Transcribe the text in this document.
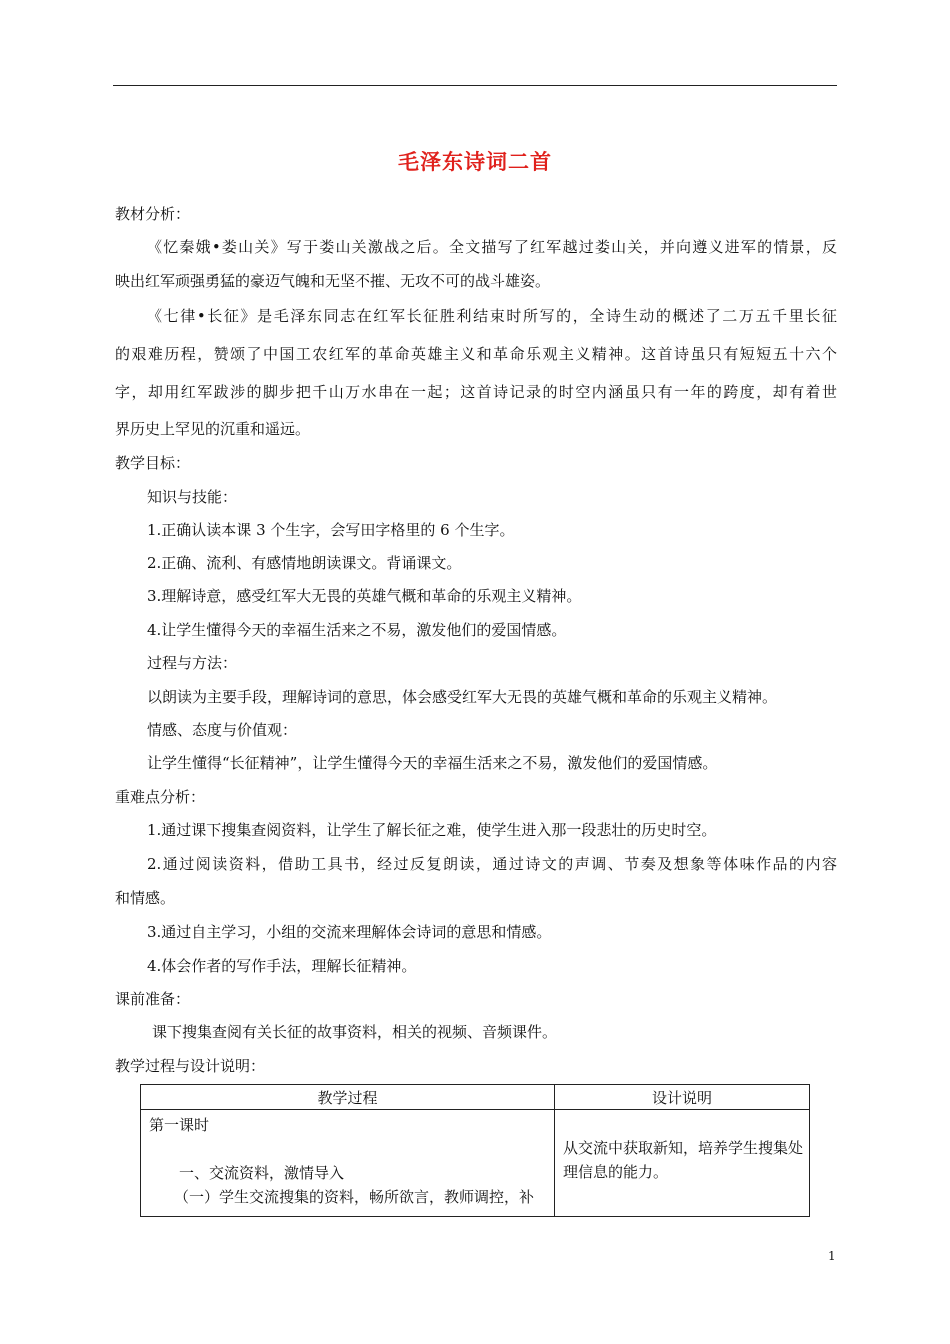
毛泽东诗词二首
教材分析：
《忆秦娥•娄山关》写于娄山关激战之后。全文描写了红军越过娄山关，并向遵义进军的情景，反
映出红军顽强勇猛的豪迈气魄和无坚不摧、无攻不可的战斗雄姿。
《七律•长征》是毛泽东同志在红军长征胜利结束时所写的，全诗生动的概述了二万五千里长征
的艰难历程，赞颂了中国工农红军的革命英雄主义和革命乐观主义精神。这首诗虽只有短短五十六个
字，却用红军跋涉的脚步把千山万水串在一起；这首诗记录的时空内涵虽只有一年的跨度，却有着世
界历史上罕见的沉重和遥远。
教学目标：
知识与技能：
1.正确认读本课 3 个生字，会写田字格里的 6 个生字。
2.正确、流利、有感情地朗读课文。背诵课文。
3.理解诗意，感受红军大无畏的英雄气概和革命的乐观主义精神。
4.让学生懂得今天的幸福生活来之不易，激发他们的爱国情感。
过程与方法：
以朗读为主要手段，理解诗词的意思，体会感受红军大无畏的英雄气概和革命的乐观主义精神。
情感、态度与价值观：
让学生懂得“长征精神”，让学生懂得今天的幸福生活来之不易，激发他们的爱国情感。
重难点分析：
1.通过课下搜集查阅资料，让学生了解长征之难，使学生进入那一段悲壮的历史时空。
2.通过阅读资料，借助工具书，经过反复朗读，通过诗文的声调、节奏及想象等体味作品的内容
和情感。
3.通过自主学习，小组的交流来理解体会诗词的意思和情感。
4.体会作者的写作手法，理解长征精神。
课前准备：
课下搜集查阅有关长征的故事资料，相关的视频、音频课件。
教学过程与设计说明：
教学过程	设计说明

第一课时
一、交流资料，激情导入
（一）学生交流搜集的资料，畅所欲言，教师调控，补	从交流中获取新知，培养学生搜集处理信息的能力。
1
